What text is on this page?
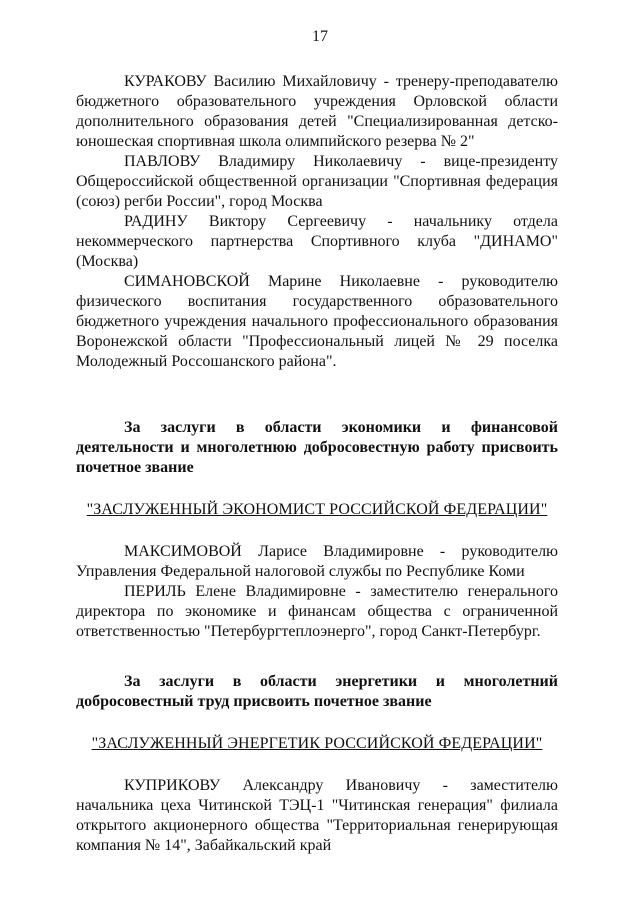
17

КУРАКОВУ Василию Михайловичу - тренеру-преподавателю бюджетного образовательного учреждения Орловской области дополнительного образования детей "Специализированная детско-юношеская спортивная школа олимпийского резерва № 2"

ПАВЛОВУ Владимиру Николаевичу - вице-президенту Общероссийской общественной организации "Спортивная федерация (союз) регби России", город Москва

РАДИНУ Виктору Сергеевичу - начальнику отдела некоммерческого партнерства Спортивного клуба "ДИНАМО" (Москва)

СИМАНОВСКОЙ Марине Николаевне - руководителю физического воспитания государственного образовательного бюджетного учреждения начального профессионального образования Воронежской области "Профессиональный лицей № 29 поселка Молодежный Россошанского района".

За заслуги в области экономики и финансовой деятельности и многолетнюю добросовестную работу присвоить почетное звание

"ЗАСЛУЖЕННЫЙ ЭКОНОМИСТ РОССИЙСКОЙ ФЕДЕРАЦИИ"

МАКСИМОВОЙ Ларисе Владимировне - руководителю Управления Федеральной налоговой службы по Республике Коми

ПЕРИЛЬ Елене Владимировне - заместителю генерального директора по экономике и финансам общества с ограниченной ответственностью "Петербургтеплоэнерго", город Санкт-Петербург.

За заслуги в области энергетики и многолетний добросовестный труд присвоить почетное звание

"ЗАСЛУЖЕННЫЙ ЭНЕРГЕТИК РОССИЙСКОЙ ФЕДЕРАЦИИ"

КУПРИКОВУ Александру Ивановичу - заместителю начальника цеха Читинской ТЭЦ-1 "Читинская генерация" филиала открытого акционерного общества "Территориальная генерирующая компания № 14", Забайкальский край
